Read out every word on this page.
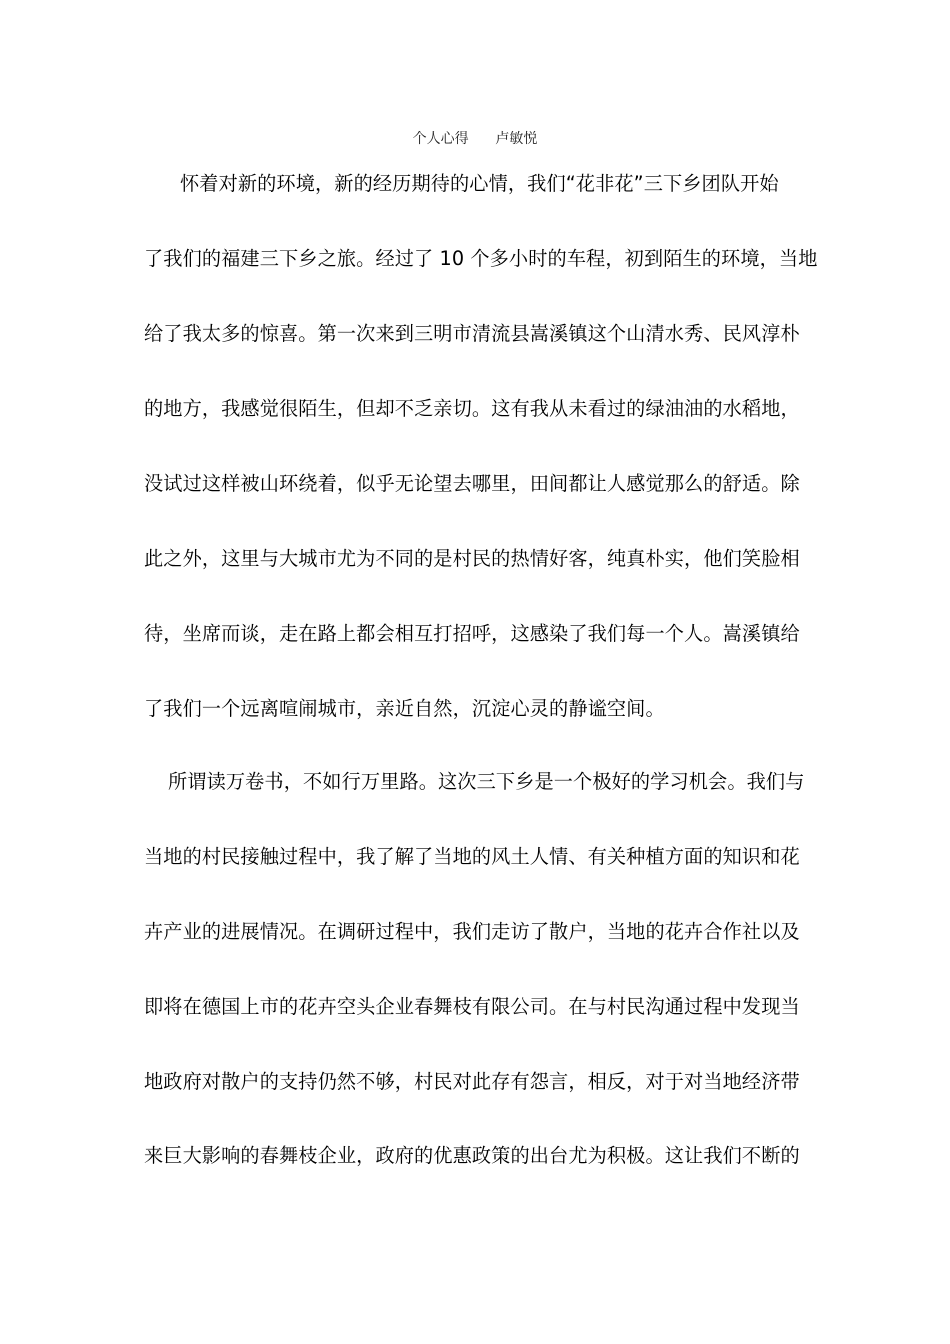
个人心得      卢敏悦
怀着对新的环境，新的经历期待的心情，我们“花非花”三下乡团队开始
了我们的福建三下乡之旅。经过了 10 个多小时的车程，初到陌生的环境，当地
给了我太多的惊喜。第一次来到三明市清流县嵩溪镇这个山清水秀、民风淳朴
的地方，我感觉很陌生，但却不乏亲切。这有我从未看过的绿油油的水稻地，
没试过这样被山环绕着，似乎无论望去哪里，田间都让人感觉那么的舒适。除
此之外，这里与大城市尤为不同的是村民的热情好客，纯真朴实，他们笑脸相
待，坐席而谈，走在路上都会相互打招呼，这感染了我们每一个人。嵩溪镇给
了我们一个远离喧闹城市，亲近自然，沉淀心灵的静谧空间。
所谓读万卷书，不如行万里路。这次三下乡是一个极好的学习机会。我们与
当地的村民接触过程中，我了解了当地的风土人情、有关种植方面的知识和花
卉产业的进展情况。在调研过程中，我们走访了散户，当地的花卉合作社以及
即将在德国上市的花卉空头企业春舞枝有限公司。在与村民沟通过程中发现当
地政府对散户的支持仍然不够，村民对此存有怨言，相反，对于对当地经济带
来巨大影响的春舞枝企业，政府的优惠政策的出台尤为积极。这让我们不断的
